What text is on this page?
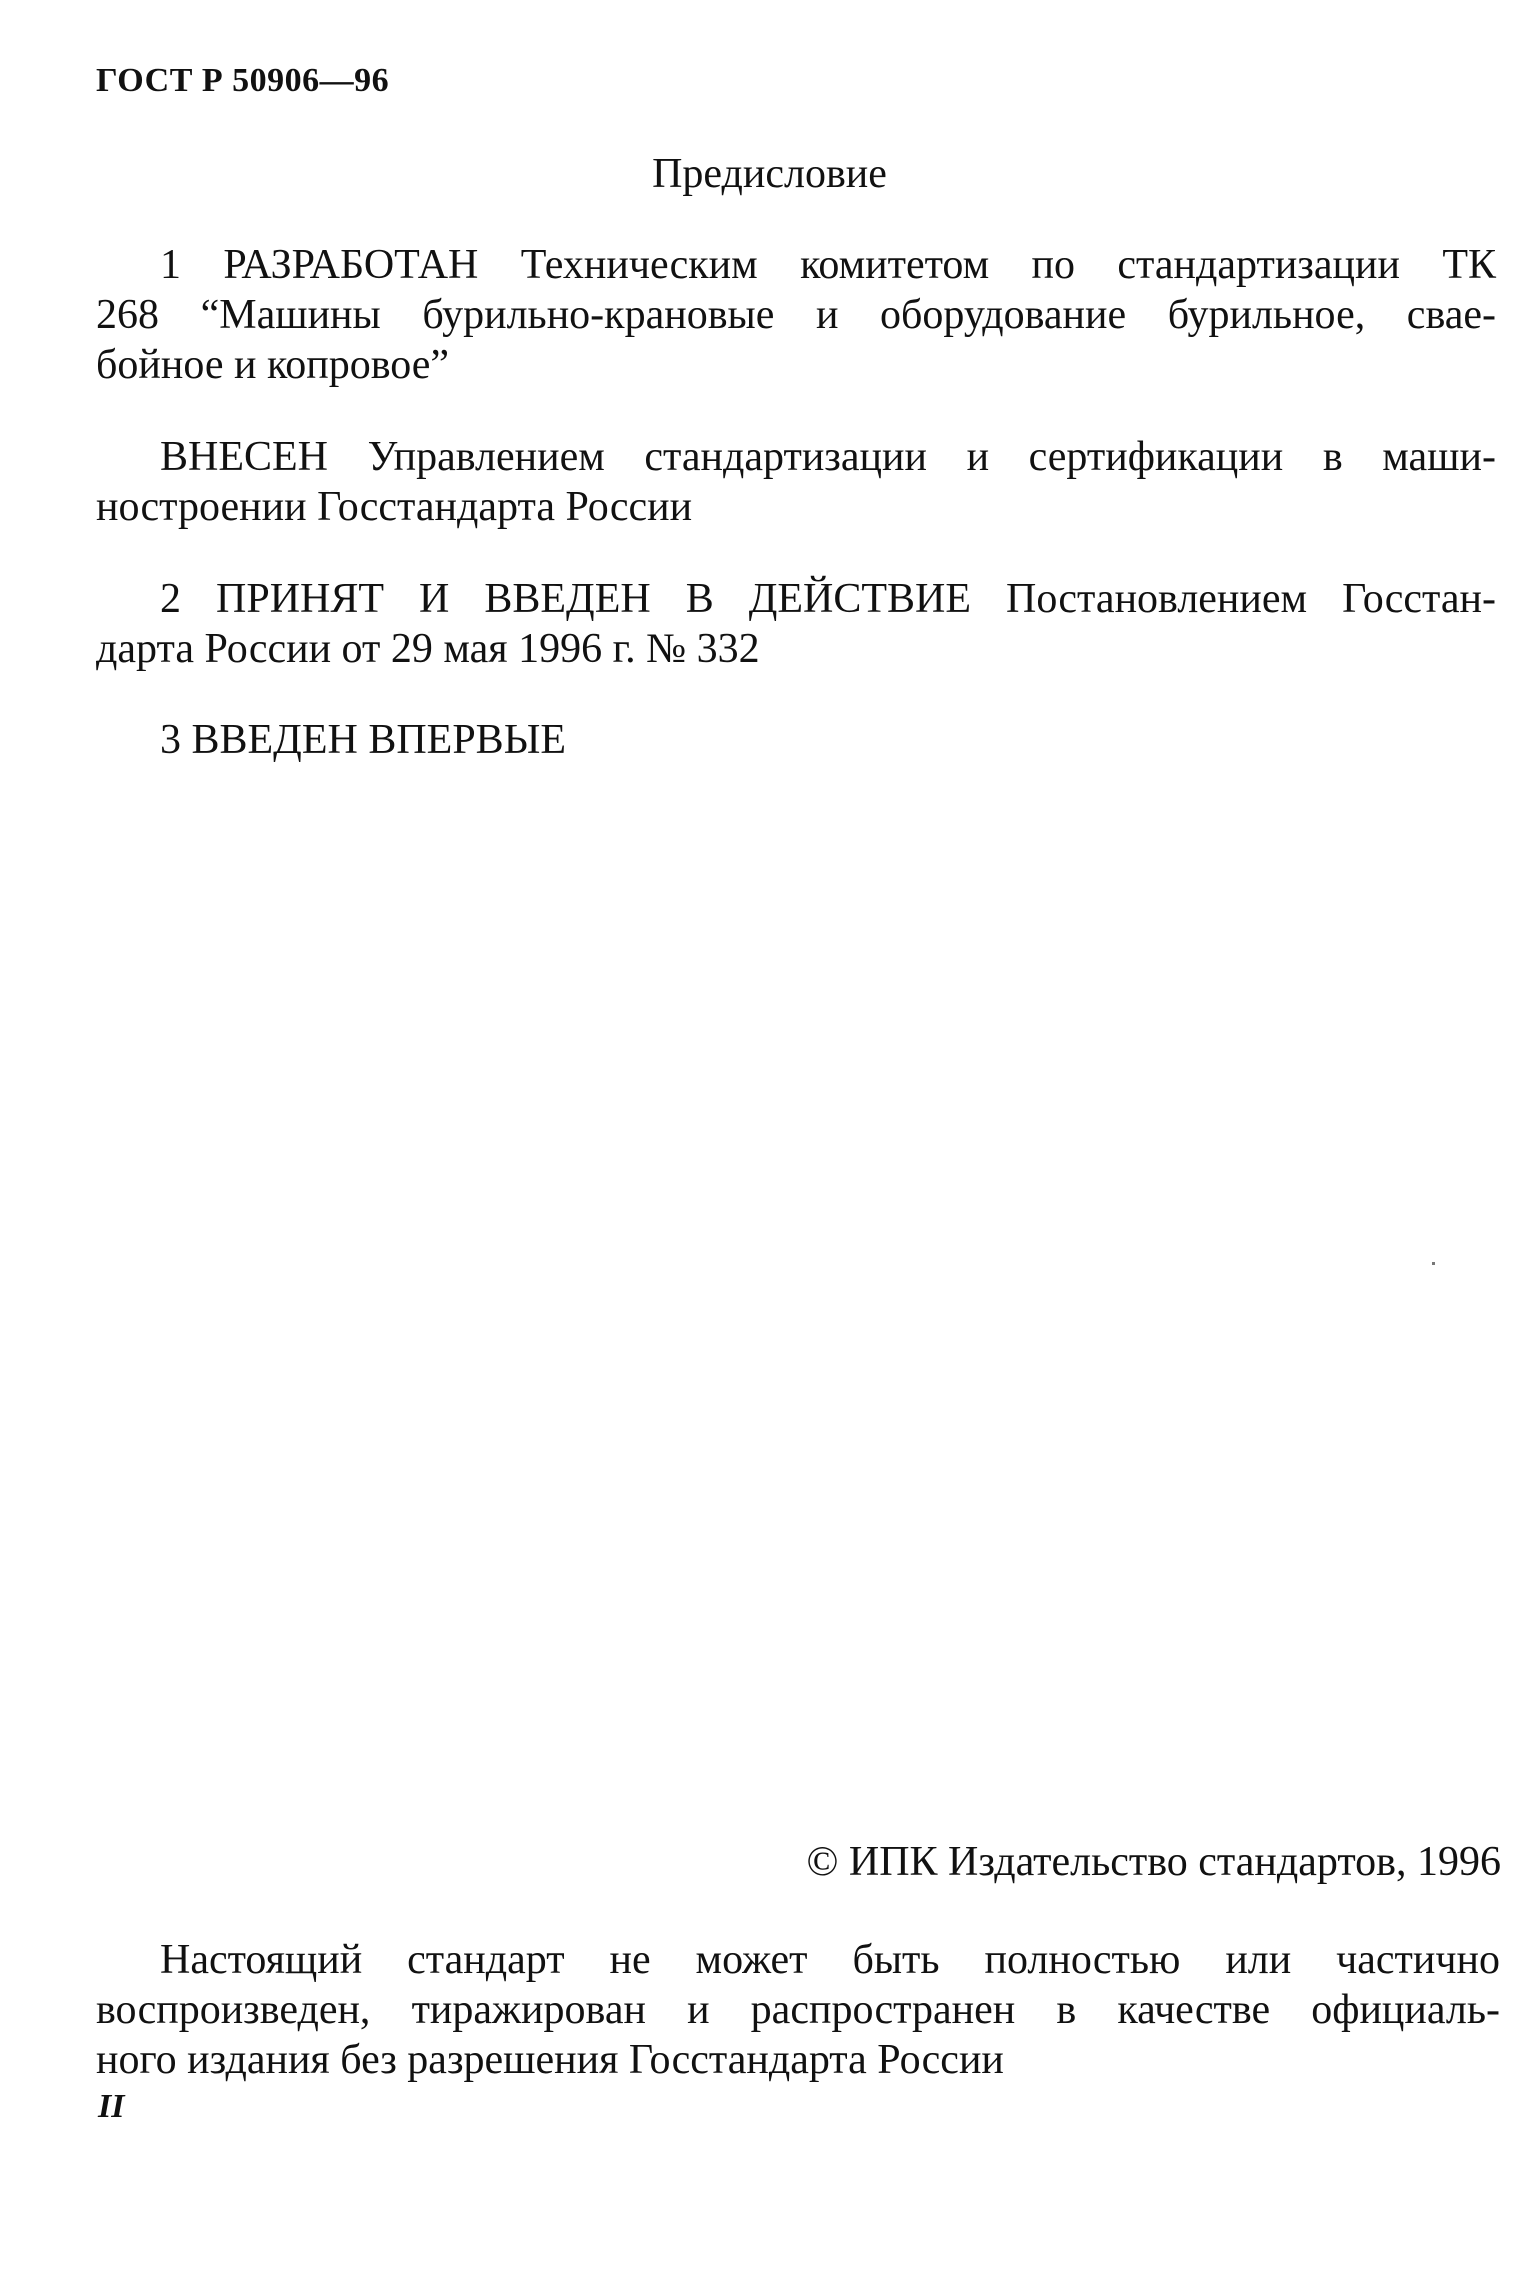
ГОСТ Р 50906—96
Предисловие
1 РАЗРАБОТАН Техническим комитетом по стандартизации ТК
268 “Машины бурильно-крановые и оборудование бурильное, свае-
бойное и копровое”
ВНЕСЕН Управлением стандартизации и сертификации в маши-
ностроении Госстандарта России
2 ПРИНЯТ И ВВЕДЕН В ДЕЙСТВИЕ Постановлением Госстан-
дарта России от 29 мая 1996 г. № 332
3 ВВЕДЕН ВПЕРВЫЕ
© ИПК Издательство стандартов, 1996
Настоящий стандарт не может быть полностью или частично
воспроизведен, тиражирован и распространен в качестве официаль-
ного издания без разрешения Госстандарта России
II
